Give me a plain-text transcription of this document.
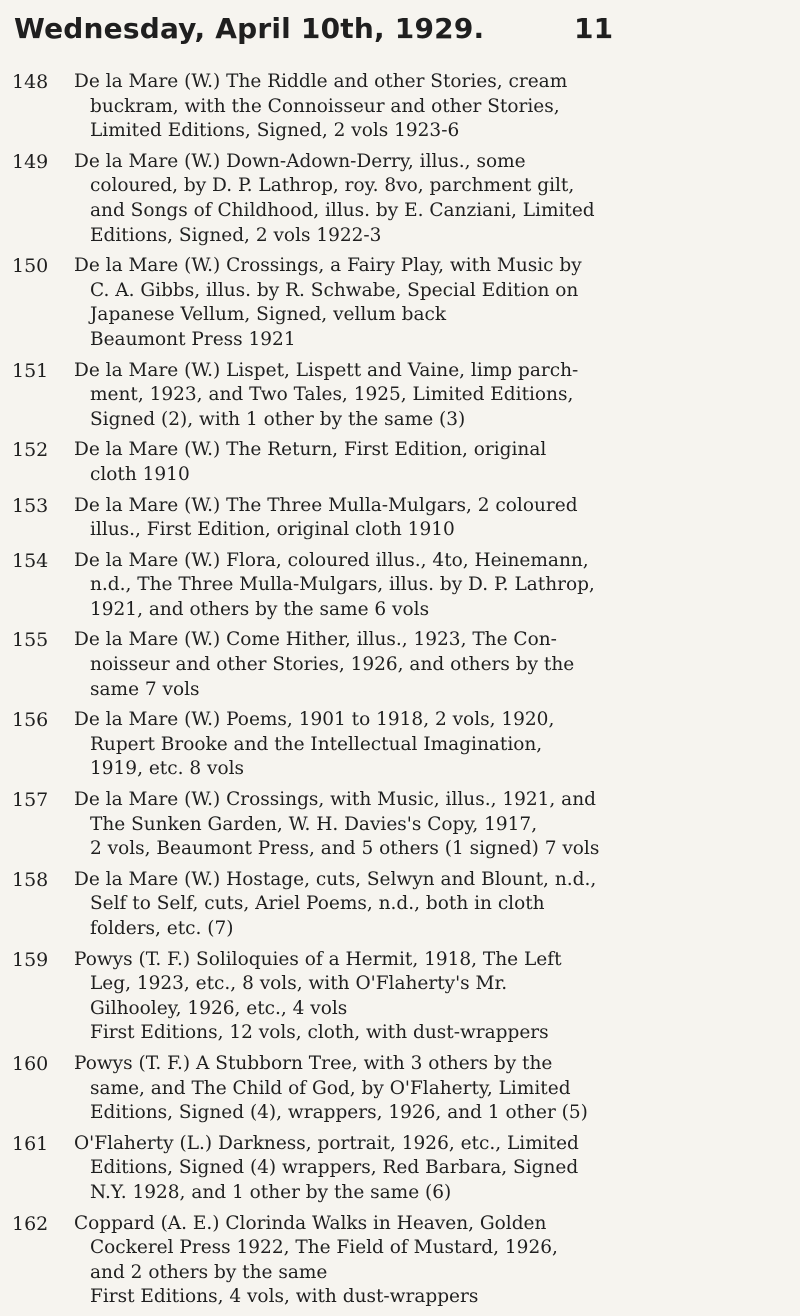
Wednesday, April 10th, 1929.	11
148	De la Mare (W.) The Riddle and other Stories, cream
buckram, with the Connoisseur and other Stories,
Limited Editions, Signed, 2 vols 1923-6
149	De la Mare (W.) Down-Adown-Derry, illus., some
coloured, by D. P. Lathrop, roy. 8vo, parchment gilt,
and Songs of Childhood, illus. by E. Canziani, Limited
Editions, Signed, 2 vols 1922-3
150	De la Mare (W.) Crossings, a Fairy Play, with Music by
C. A. Gibbs, illus. by R. Schwabe, Special Edition on
Japanese Vellum, Signed, vellum back
Beaumont Press 1921
151	De la Mare (W.) Lispet, Lispett and Vaine, limp parch-
ment, 1923, and Two Tales, 1925, Limited Editions,
Signed (2), with 1 other by the same (3)
152	De la Mare (W.) The Return, First Edition, original
cloth 1910
153	De la Mare (W.) The Three Mulla-Mulgars, 2 coloured
illus., First Edition, original cloth 1910
154	De la Mare (W.) Flora, coloured illus., 4to, Heinemann,
n.d., The Three Mulla-Mulgars, illus. by D. P. Lathrop,
1921, and others by the same 6 vols
155	De la Mare (W.) Come Hither, illus., 1923, The Con-
noisseur and other Stories, 1926, and others by the
same 7 vols
156	De la Mare (W.) Poems, 1901 to 1918, 2 vols, 1920,
Rupert Brooke and the Intellectual Imagination,
1919, etc. 8 vols
157	De la Mare (W.) Crossings, with Music, illus., 1921, and
The Sunken Garden, W. H. Davies's Copy, 1917,
2 vols, Beaumont Press, and 5 others (1 signed) 7 vols
158	De la Mare (W.) Hostage, cuts, Selwyn and Blount, n.d.,
Self to Self, cuts, Ariel Poems, n.d., both in cloth
folders, etc. (7)
159	Powys (T. F.) Soliloquies of a Hermit, 1918, The Left
Leg, 1923, etc., 8 vols, with O'Flaherty's Mr.
Gilhooley, 1926, etc., 4 vols
First Editions, 12 vols, cloth, with dust-wrappers
160	Powys (T. F.) A Stubborn Tree, with 3 others by the
same, and The Child of God, by O'Flaherty, Limited
Editions, Signed (4), wrappers, 1926, and 1 other (5)
161	O'Flaherty (L.) Darkness, portrait, 1926, etc., Limited
Editions, Signed (4) wrappers, Red Barbara, Signed
N.Y. 1928, and 1 other by the same (6)
162	Coppard (A. E.) Clorinda Walks in Heaven, Golden
Cockerel Press 1922, The Field of Mustard, 1926,
and 2 others by the same
First Editions, 4 vols, with dust-wrappers
